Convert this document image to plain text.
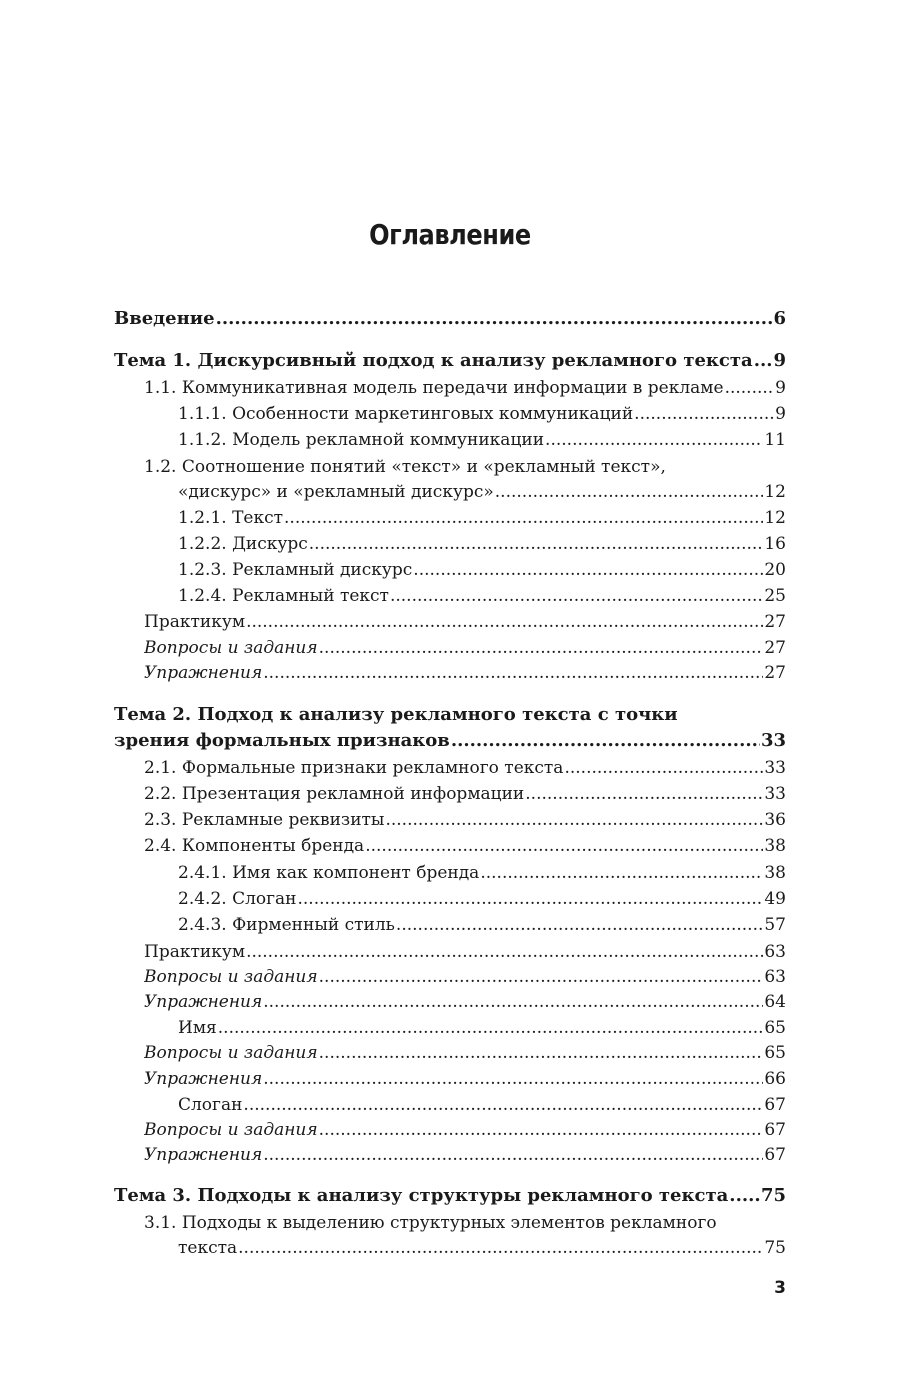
Оглавление
Введение .....	6
Тема 1. Дискурсивный подход к анализу рекламного текста ..... 9
1.1. Коммуникативная модель передачи информации в рекламе .....	9
1.1.1. Особенности маркетинговых коммуникаций .....	9
1.1.2. Модель рекламной коммуникации .....	11
1.2. Соотношение понятий «текст» и «рекламный текст»,
«дискурс» и «рекламный дискурс» .....	12
1.2.1. Текст .....	12
1.2.2. Дискурс .....	16
1.2.3. Рекламный дискурс .....	20
1.2.4. Рекламный текст .....	25
Практикум .....	27
Вопросы и задания .....	27
Упражнения .....	27
Тема 2. Подход к анализу рекламного текста с точки
зрения формальных признаков .....	33
2.1. Формальные признаки рекламного текста .....	33
2.2. Презентация рекламной информации .....	33
2.3. Рекламные реквизиты .....	36
2.4. Компоненты бренда .....	38
2.4.1. Имя как компонент бренда .....	38
2.4.2. Слоган .....	49
2.4.3. Фирменный стиль .....	57
Практикум .....	63
Вопросы и задания .....	63
Упражнения .....	64
Имя .....	65
Вопросы и задания .....	65
Упражнения .....	66
Слоган .....	67
Вопросы и задания .....	67
Упражнения .....	67
Тема 3. Подходы к анализу структуры рекламного текста ..... 75
3.1. Подходы к выделению структурных элементов рекламного
текста .....	75
3
